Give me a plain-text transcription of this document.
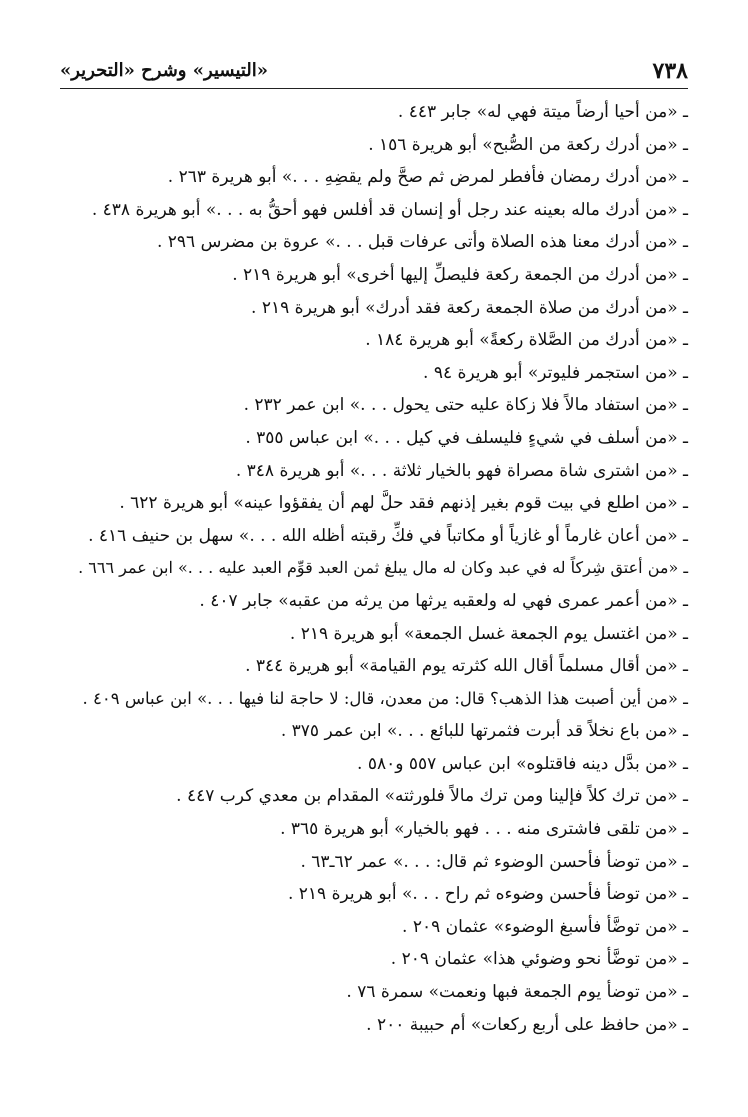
٧٣٨
«التيسير» وشرح «التحرير»
ـ «من أحيا أرضاً ميتة فهي له» جابر ٤٤٣ .
ـ «من أدرك ركعة من الصُّبح» أبو هريرة ١٥٦ .
ـ «من أدرك رمضان فأفطر لمرض ثم صحَّ ولم يقضِهِ . . .» أبو هريرة ٢٦٣ .
ـ «من أدرك ماله بعينه عند رجل أو إنسان قد أفلس فهو أحقُّ به . . .» أبو هريرة ٤٣٨ .
ـ «من أدرك معنا هذه الصلاة وأتى عرفات قبل . . .» عروة بن مضرس ٢٩٦ .
ـ «من أدرك من الجمعة ركعة فليصلِّ إليها أخرى» أبو هريرة ٢١٩ .
ـ «من أدرك من صلاة الجمعة ركعة فقد أدرك» أبو هريرة ٢١٩ .
ـ «من أدرك من الصَّلاة ركعةً» أبو هريرة ١٨٤ .
ـ «من استجمر فليوتر» أبو هريرة ٩٤ .
ـ «من استفاد مالاً فلا زكاة عليه حتى يحول . . .» ابن عمر ٢٣٢ .
ـ «من أسلف في شيءٍ فليسلف في كيل . . .» ابن عباس ٣٥٥ .
ـ «من اشترى شاة مصراة فهو بالخيار ثلاثة . . .» أبو هريرة ٣٤٨ .
ـ «من اطلع في بيت قوم بغير إذنهم فقد حلَّ لهم أن يفقؤوا عينه» أبو هريرة ٦٢٢ .
ـ «من أعان غارماً أو غازياً أو مكاتباً في فكِّ رقبته أظله الله . . .» سهل بن حنيف ٤١٦ .
ـ «من أعتق شِركاً له في عبد وكان له مال يبلغ ثمن العبد قوِّم العبد عليه . . .» ابن عمر ٦٦٦ .
ـ «من أعمر عمرى فهي له ولعقبه يرثها من يرثه من عقبه» جابر ٤٠٧ .
ـ «من اغتسل يوم الجمعة غسل الجمعة» أبو هريرة ٢١٩ .
ـ «من أقال مسلماً أقال الله كثرته يوم القيامة» أبو هريرة ٣٤٤ .
ـ «من أين أصبت هذا الذهب؟ قال: من معدن، قال: لا حاجة لنا فيها . . .» ابن عباس ٤٠٩ .
ـ «من باع نخلاً قد أبرت فثمرتها للبائع . . .» ابن عمر ٣٧٥ .
ـ «من بدَّل دينه فاقتلوه» ابن عباس ٥٥٧ و٥٨٠ .
ـ «من ترك كلاً فإلينا ومن ترك مالاً فلورثته» المقدام بن معدي كرب ٤٤٧ .
ـ «من تلقى فاشترى منه . . . فهو بالخيار» أبو هريرة ٣٦٥ .
ـ «من توضأ فأحسن الوضوء ثم قال: . . .» عمر ٦٢ـ٦٣ .
ـ «من توضأ فأحسن وضوءه ثم راح . . .» أبو هريرة ٢١٩ .
ـ «من توضَّأ فأسبغ الوضوء» عثمان ٢٠٩ .
ـ «من توضَّأ نحو وضوئي هذا» عثمان ٢٠٩ .
ـ «من توضأ يوم الجمعة فبها ونعمت» سمرة ٧٦ .
ـ «من حافظ على أربع ركعات» أم حبيبة ٢٠٠ .
